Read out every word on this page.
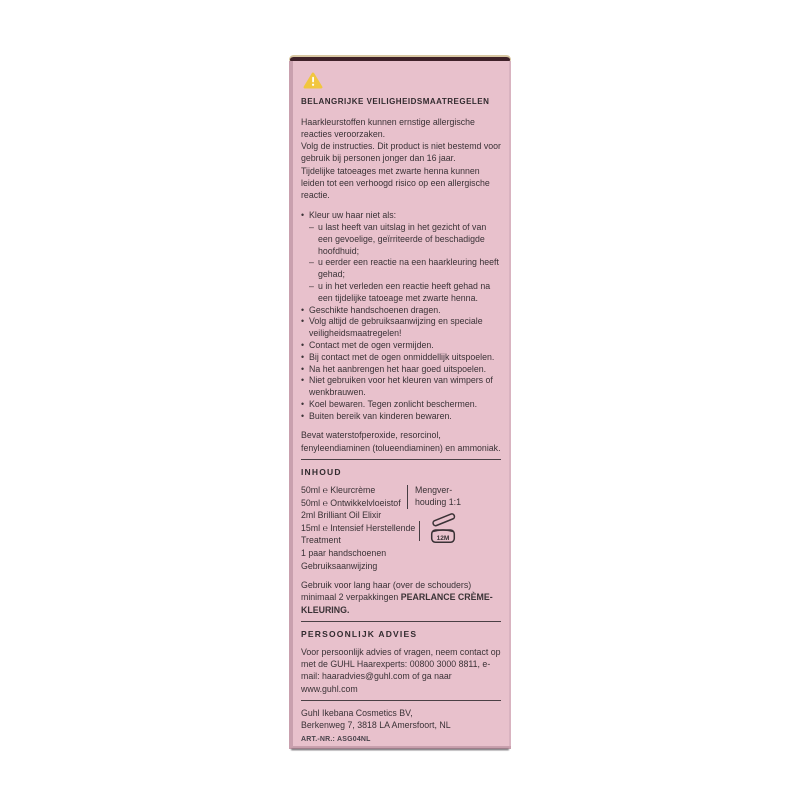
BELANGRIJKE VEILIGHEIDSMAATREGELEN

Haarkleurstoffen kunnen ernstige allergische reacties veroorzaken.

Volg de instructies. Dit product is niet bestemd voor gebruik bij personen jonger dan 16 jaar.

Tijdelijke tatoeages met zwarte henna kunnen leiden tot een verhoogd risico op een allergische reactie.

• Kleur uw haar niet als:
– u last heeft van uitslag in het gezicht of van een gevoelige, geïrriteerde of beschadigde hoofdhuid;
– u eerder een reactie na een haarkleuring heeft gehad;
– u in het verleden een reactie heeft gehad na een tijdelijke tatoeage met zwarte henna.
• Geschikte handschoenen dragen.
• Volg altijd de gebruiksaanwijzing en speciale veiligheidsmaatregelen!
• Contact met de ogen vermijden.
• Bij contact met de ogen onmiddellijk uitspoelen.
• Na het aanbrengen het haar goed uitspoelen.
• Niet gebruiken voor het kleuren van wimpers of wenkbrauwen.
• Koel bewaren. Tegen zonlicht beschermen.
• Buiten bereik van kinderen bewaren.

Bevat waterstofperoxide, resorcinol, fenyleendiaminen (tolueendiaminen) en ammoniak.

INHOUD

50ml ℮ Kleurcrème

50ml ℮ Ontwikkelvloeistof

2ml Brilliant Oil Elixir

15ml ℮ Intensief Herstellende Treatment

1 paar handschoenen

Gebruiksaanwijzing

Mengver-houding 1:1
12M

Gebruik voor lang haar (over de schouders) minimaal 2 verpakkingen PEARLANCE CRÈME-KLEURING.

PERSOONLIJK ADVIES

Voor persoonlijk advies of vragen, neem contact op met de GUHL Haarexperts: 00800 3000 8811, e-mail: haaradvies@guhl.com of ga naar www.guhl.com

Guhl Ikebana Cosmetics BV,

Berkenweg 7, 3818 LA Amersfoort, NL

ART.-NR.: ASG04NL
